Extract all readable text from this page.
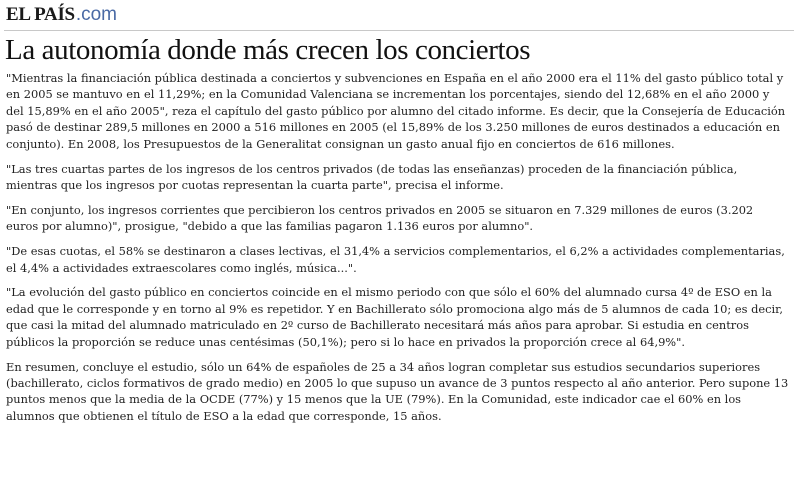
EL PAÍS .com
La autonomía donde más crecen los conciertos

"Mientras la financiación pública destinada a conciertos y subvenciones en España en el año 2000 era el 11% del gasto público total y en 2005 se mantuvo en el 11,29%; en la Comunidad Valenciana se incrementan los porcentajes, siendo del 12,68% en el año 2000 y del 15,89% en el año 2005", reza el capítulo del gasto público por alumno del citado informe. Es decir, que la Consejería de Educación pasó de destinar 289,5 millones en 2000 a 516 millones en 2005 (el 15,89% de los 3.250 millones de euros destinados a educación en conjunto). En 2008, los Presupuestos de la Generalitat consignan un gasto anual fijo en conciertos de 616 millones.

"Las tres cuartas partes de los ingresos de los centros privados (de todas las enseñanzas) proceden de la financiación pública, mientras que los ingresos por cuotas representan la cuarta parte", precisa el informe.

"En conjunto, los ingresos corrientes que percibieron los centros privados en 2005 se situaron en 7.329 millones de euros (3.202 euros por alumno)", prosigue, "debido a que las familias pagaron 1.136 euros por alumno".

"De esas cuotas, el 58% se destinaron a clases lectivas, el 31,4% a servicios complementarios, el 6,2% a actividades complementarias, el 4,4% a actividades extraescolares como inglés, música...".

"La evolución del gasto público en conciertos coincide en el mismo periodo con que sólo el 60% del alumnado cursa 4º de ESO en la edad que le corresponde y en torno al 9% es repetidor. Y en Bachillerato sólo promociona algo más de 5 alumnos de cada 10; es decir, que casi la mitad del alumnado matriculado en 2º curso de Bachillerato necesitará más años para aprobar. Si estudia en centros públicos la proporción se reduce unas centésimas (50,1%); pero si lo hace en privados la proporción crece al 64,9%".

En resumen, concluye el estudio, sólo un 64% de españoles de 25 a 34 años logran completar sus estudios secundarios superiores (bachillerato, ciclos formativos de grado medio) en 2005 lo que supuso un avance de 3 puntos respecto al año anterior. Pero supone 13 puntos menos que la media de la OCDE (77%) y 15 menos que la UE (79%). En la Comunidad, este indicador cae el 60% en los alumnos que obtienen el título de ESO a la edad que corresponde, 15 años.
